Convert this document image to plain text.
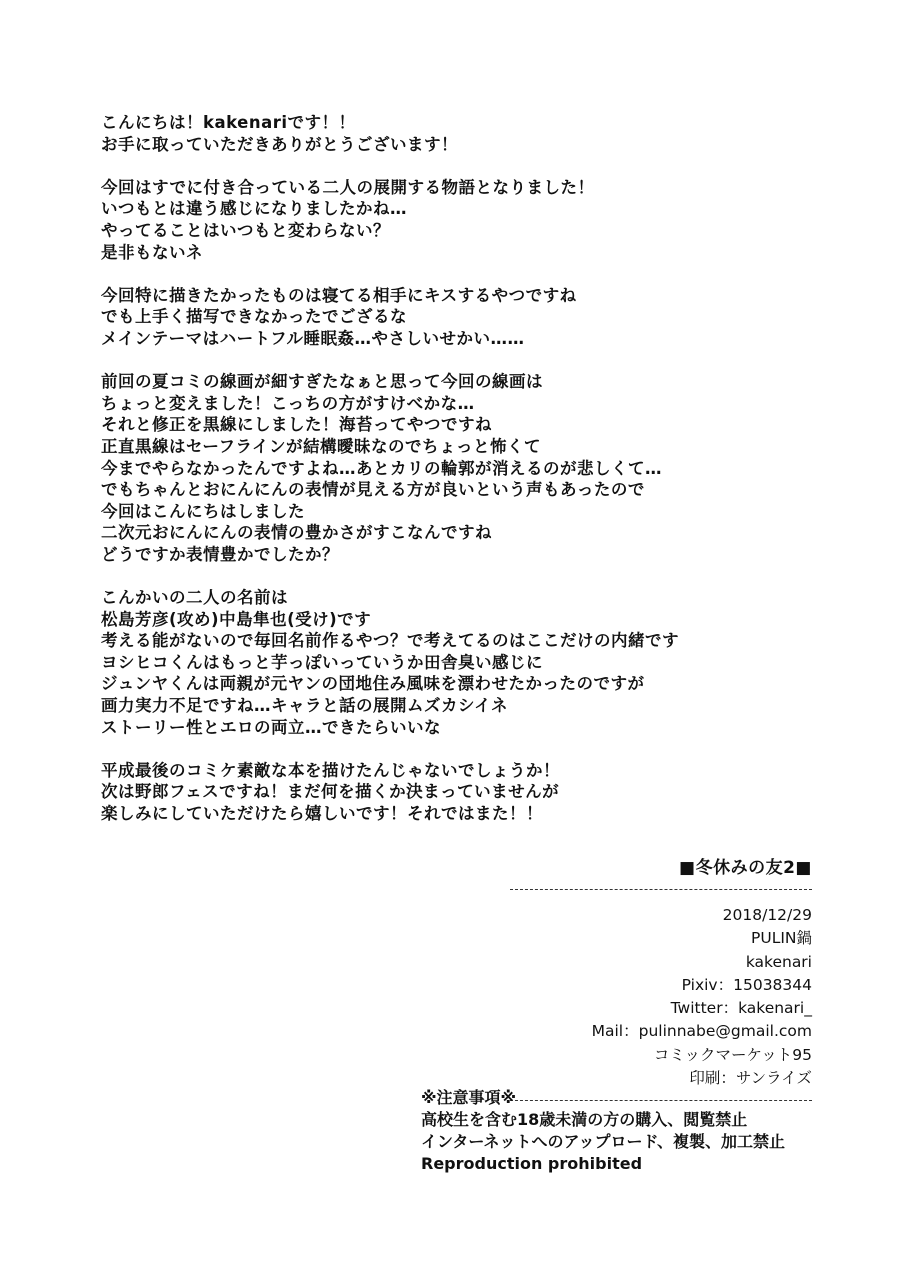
こんにちは！kakenariです！！
お手に取っていただきありがとうございます！
今回はすでに付き合っている二人の展開する物語となりました！
いつもとは違う感じになりましたかね…
やってることはいつもと変わらない？
是非もないネ
今回特に描きたかったものは寝てる相手にキスするやつですね
でも上手く描写できなかったでござるな
メインテーマはハートフル睡眠姦…やさしいせかい……
前回の夏コミの線画が細すぎたなぁと思って今回の線画は
ちょっと変えました！こっちの方がすけべかな…
それと修正を黒線にしました！海苔ってやつですね
正直黒線はセーフラインが結構曖昧なのでちょっと怖くて
今までやらなかったんですよね…あとカリの輪郭が消えるのが悲しくて…
でもちゃんとおにんにんの表情が見える方が良いという声もあったので
今回はこんにちはしました
二次元おにんにんの表情の豊かさがすこなんですね
どうですか表情豊かでしたか？
こんかいの二人の名前は
松島芳彦(攻め)中島隼也(受け)です
考える能がないので毎回名前作るやつ？で考えてるのはここだけの内緒です
ヨシヒコくんはもっと芋っぽいっていうか田舎臭い感じに
ジュンヤくんは両親が元ヤンの団地住み風味を漂わせたかったのですが
画力実力不足ですね…キャラと話の展開ムズカシイネ
ストーリー性とエロの両立…できたらいいな
平成最後のコミケ素敵な本を描けたんじゃないでしょうか！
次は野郎フェスですね！まだ何を描くか決まっていませんが
楽しみにしていただけたら嬉しいです！それではまた！！
■冬休みの友2■
2018/12/29
PULIN鍋
kakenari
Pixiv：15038344
Twitter：kakenari_
Mail：pulinnabe@gmail.com
コミックマーケット95
印刷：サンライズ
※注意事項※
高校生を含む18歳未満の方の購入、閲覧禁止
インターネットへのアップロード、複製、加工禁止
Reproduction prohibited
